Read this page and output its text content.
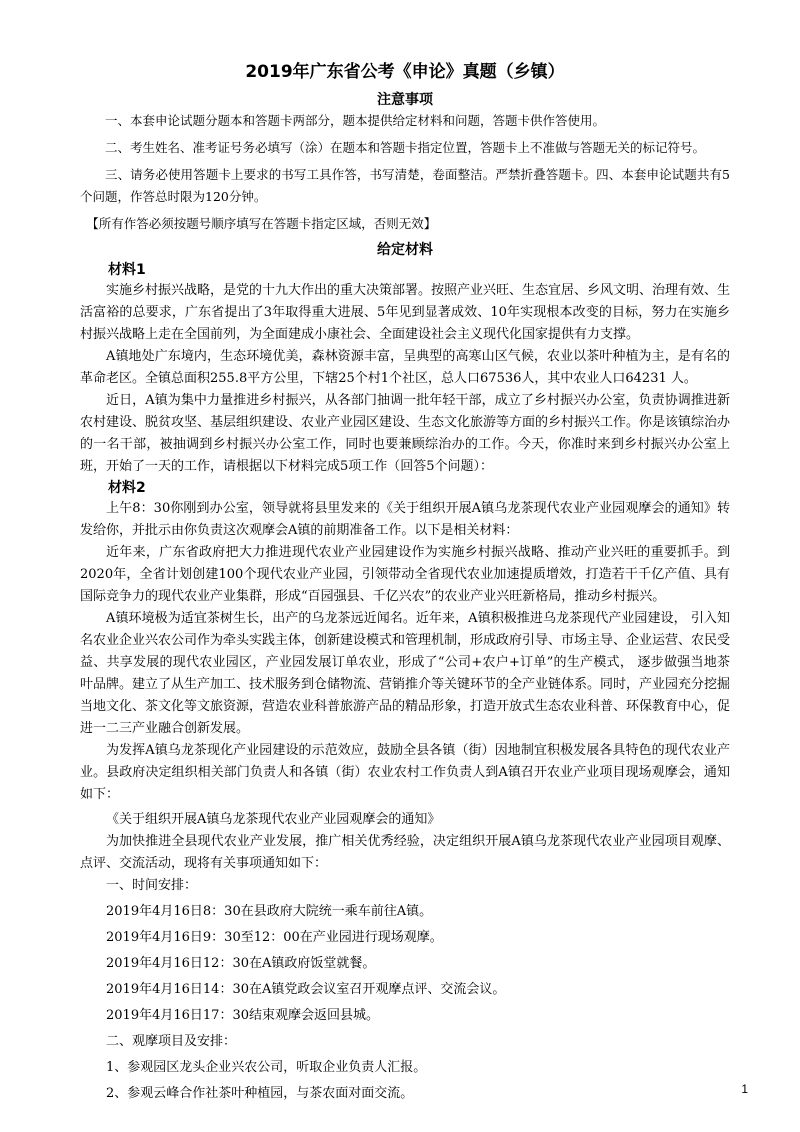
2019年广东省公考《申论》真题（乡镇）
注意事项

一、本套申论试题分题本和答题卡两部分，题本提供给定材料和问题，答题卡供作答使用。

二、考生姓名、准考证号务必填写（涂）在题本和答题卡指定位置，答题卡上不准做与答题无关的标记符号。

三、请务必使用答题卡上要求的书写工具作答，书写清楚，卷面整洁。严禁折叠答题卡。四、本套申论试题共有5个问题，作答总时限为120分钟。

【所有作答必须按题号顺序填写在答题卡指定区域，否则无效】

给定材料
材料1

实施乡村振兴战略，是党的十九大作出的重大决策部署。按照产业兴旺、生态宜居、乡风文明、治理有效、生活富裕的总要求，广东省提出了3年取得重大进展、5年见到显著成效、10年实现根本改变的目标，努力在实施乡村振兴战略上走在全国前列，为全面建成小康社会、全面建设社会主义现代化国家提供有力支撑。

A镇地处广东境内，生态环境优美，森林资源丰富，呈典型的高寒山区气候，农业以茶叶种植为主，是有名的革命老区。全镇总面积255.8平方公里，下辖25个村1个社区，总人口67536人，其中农业人口64231 人。

近日，A镇为集中力量推进乡村振兴，从各部门抽调一批年轻干部，成立了乡村振兴办公室，负责协调推进新农村建设、脱贫攻坚、基层组织建设、农业产业园区建设、生态文化旅游等方面的乡村振兴工作。你是该镇综治办的一名干部，被抽调到乡村振兴办公室工作，同时也要兼顾综治办的工作。今天，你准时来到乡村振兴办公室上班，开始了一天的工作，请根据以下材料完成5项工作（回答5个问题）：

材料2

上午8：30你刚到办公室，领导就将县里发来的《关于组织开展A镇乌龙茶现代农业产业园观摩会的通知》转发给你，并批示由你负责这次观摩会A镇的前期准备工作。以下是相关材料：

近年来，广东省政府把大力推进现代农业产业园建设作为实施乡村振兴战略、推动产业兴旺的重要抓手。到2020年，全省计划创建100个现代农业产业园，引领带动全省现代农业加速提质增效，打造若干千亿产值、具有国际竞争力的现代农业产业集群，形成“百园强县、千亿兴农”的农业产业兴旺新格局，推动乡村振兴。

A镇环境极为适宜茶树生长，出产的乌龙茶远近闻名。近年来，A镇积极推进乌龙茶现代产业园建设， 引入知名农业企业兴农公司作为牵头实践主体，创新建设模式和管理机制，形成政府引导、市场主导、企业运营、农民受益、共享发展的现代农业园区，产业园发展订单农业，形成了“公司+农户+订单”的生产模式， 逐步做强当地茶叶品牌。建立了从生产加工、技术服务到仓储物流、营销推介等关键环节的全产业链体系。同时，产业园充分挖掘当地文化、茶文化等文旅资源，营造农业科普旅游产品的精品形象，打造开放式生态农业科普、环保教育中心，促进一二三产业融合创新发展。

为发挥A镇乌龙茶现化产业园建设的示范效应，鼓励全县各镇（街）因地制宜积极发展各具特色的现代农业产业。县政府决定组织相关部门负责人和各镇（街）农业农村工作负责人到A镇召开农业产业项目现场观摩会，通知如下：

《关于组织开展A镇乌龙茶现代农业产业园观摩会的通知》

为加快推进全县现代农业产业发展，推广相关优秀经验，决定组织开展A镇乌龙茶现代农业产业园项目观摩、点评、交流活动，现将有关事项通知如下：

一、时间安排：

2019年4月16日8：30在县政府大院统一乘车前往A镇。

2019年4月16日9：30至12：00在产业园进行现场观摩。

2019年4月16日12：30在A镇政府饭堂就餐。

2019年4月16日14：30在A镇党政会议室召开观摩点评、交流会议。

2019年4月16日17：30结束观摩会返回县城。

二、观摩项目及安排：

1、参观园区龙头企业兴农公司，听取企业负责人汇报。

2、参观云峰合作社茶叶种植园，与茶农面对面交流。	1
